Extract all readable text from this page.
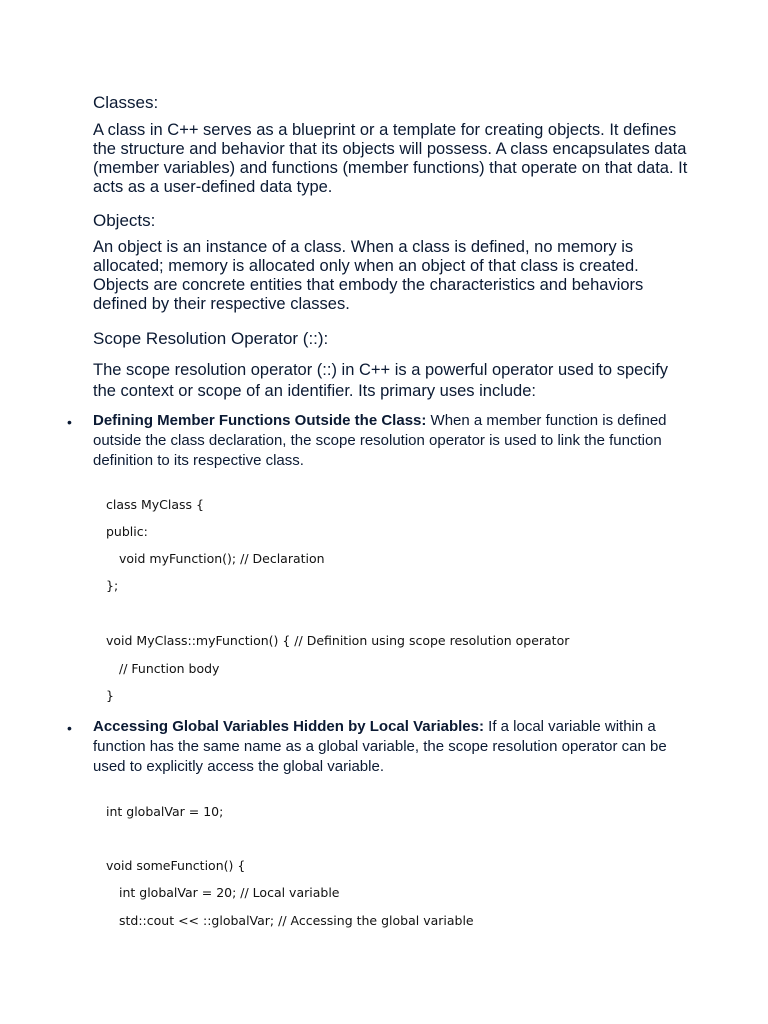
Classes:
A class in C++ serves as a blueprint or a template for creating objects. It defines the structure and behavior that its objects will possess. A class encapsulates data (member variables) and functions (member functions) that operate on that data. It acts as a user-defined data type.
Objects:
An object is an instance of a class. When a class is defined, no memory is allocated; memory is allocated only when an object of that class is created. Objects are concrete entities that embody the characteristics and behaviors defined by their respective classes.
Scope Resolution Operator (::):
The scope resolution operator (::) in C++ is a powerful operator used to specify the context or scope of an identifier. Its primary uses include:
• Defining Member Functions Outside the Class: When a member function is defined outside the class declaration, the scope resolution operator is used to link the function definition to its respective class.
class MyClass {
public:
void myFunction(); // Declaration
};
void MyClass::myFunction() { // Definition using scope resolution operator
// Function body
}
• Accessing Global Variables Hidden by Local Variables: If a local variable within a function has the same name as a global variable, the scope resolution operator can be used to explicitly access the global variable.
int globalVar = 10;
void someFunction() {
int globalVar = 20; // Local variable
std::cout << ::globalVar; // Accessing the global variable
